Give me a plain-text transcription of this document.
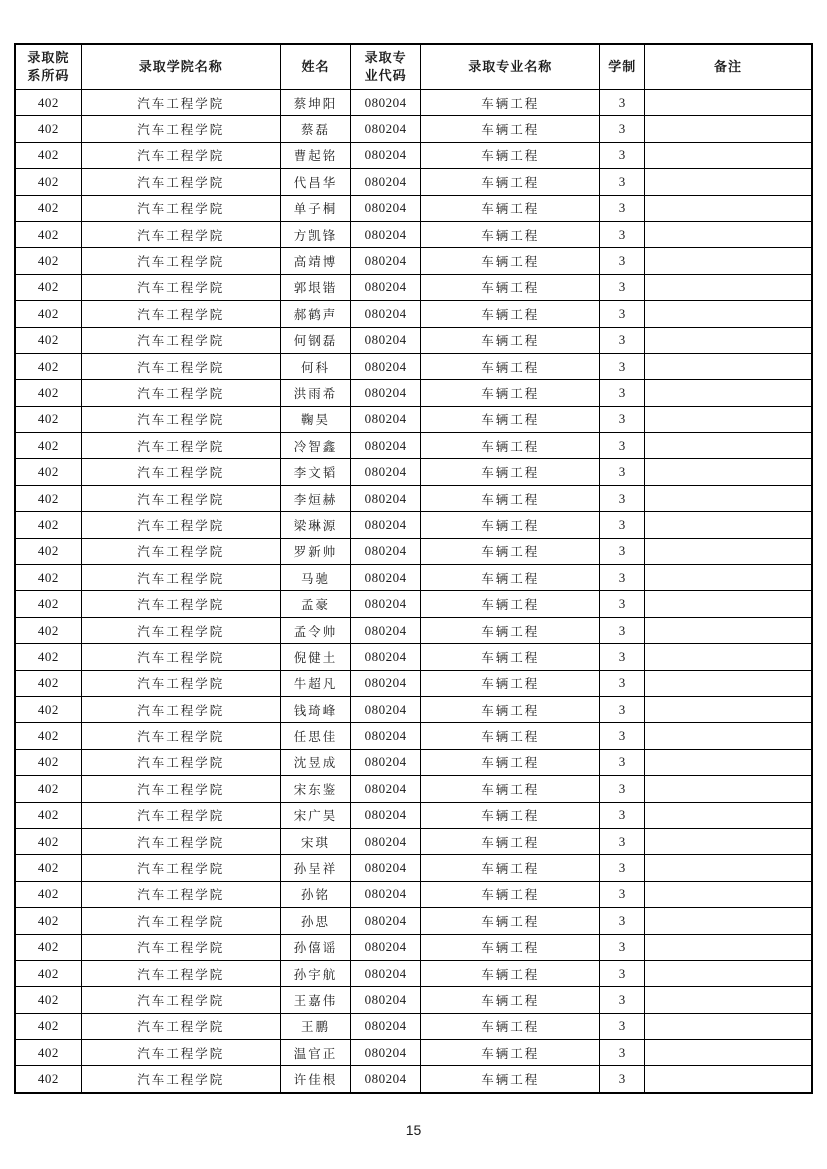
录取院
系所码	录取学院名称	姓名	录取专
业代码	录取专业名称	学制	备注

402	汽车工程学院	蔡坤阳	080204	车辆工程	3	
402	汽车工程学院	蔡磊	080204	车辆工程	3	
402	汽车工程学院	曹起铭	080204	车辆工程	3	
402	汽车工程学院	代昌华	080204	车辆工程	3	
402	汽车工程学院	单子桐	080204	车辆工程	3	
402	汽车工程学院	方凯锋	080204	车辆工程	3	
402	汽车工程学院	高靖博	080204	车辆工程	3	
402	汽车工程学院	郭垠锴	080204	车辆工程	3	
402	汽车工程学院	郝鹤声	080204	车辆工程	3	
402	汽车工程学院	何钢磊	080204	车辆工程	3	
402	汽车工程学院	何科	080204	车辆工程	3	
402	汽车工程学院	洪雨希	080204	车辆工程	3	
402	汽车工程学院	鞠昊	080204	车辆工程	3	
402	汽车工程学院	冷智鑫	080204	车辆工程	3	
402	汽车工程学院	李文韬	080204	车辆工程	3	
402	汽车工程学院	李烜赫	080204	车辆工程	3	
402	汽车工程学院	梁琳源	080204	车辆工程	3	
402	汽车工程学院	罗新帅	080204	车辆工程	3	
402	汽车工程学院	马驰	080204	车辆工程	3	
402	汽车工程学院	孟豪	080204	车辆工程	3	
402	汽车工程学院	孟令帅	080204	车辆工程	3	
402	汽车工程学院	倪健土	080204	车辆工程	3	
402	汽车工程学院	牛超凡	080204	车辆工程	3	
402	汽车工程学院	钱琦峰	080204	车辆工程	3	
402	汽车工程学院	任思佳	080204	车辆工程	3	
402	汽车工程学院	沈昱成	080204	车辆工程	3	
402	汽车工程学院	宋东鉴	080204	车辆工程	3	
402	汽车工程学院	宋广昊	080204	车辆工程	3	
402	汽车工程学院	宋琪	080204	车辆工程	3	
402	汽车工程学院	孙呈祥	080204	车辆工程	3	
402	汽车工程学院	孙铭	080204	车辆工程	3	
402	汽车工程学院	孙思	080204	车辆工程	3	
402	汽车工程学院	孙僖谣	080204	车辆工程	3	
402	汽车工程学院	孙宇航	080204	车辆工程	3	
402	汽车工程学院	王嘉伟	080204	车辆工程	3	
402	汽车工程学院	王鹏	080204	车辆工程	3	
402	汽车工程学院	温官正	080204	车辆工程	3	
402	汽车工程学院	许佳根	080204	车辆工程	3	
15
